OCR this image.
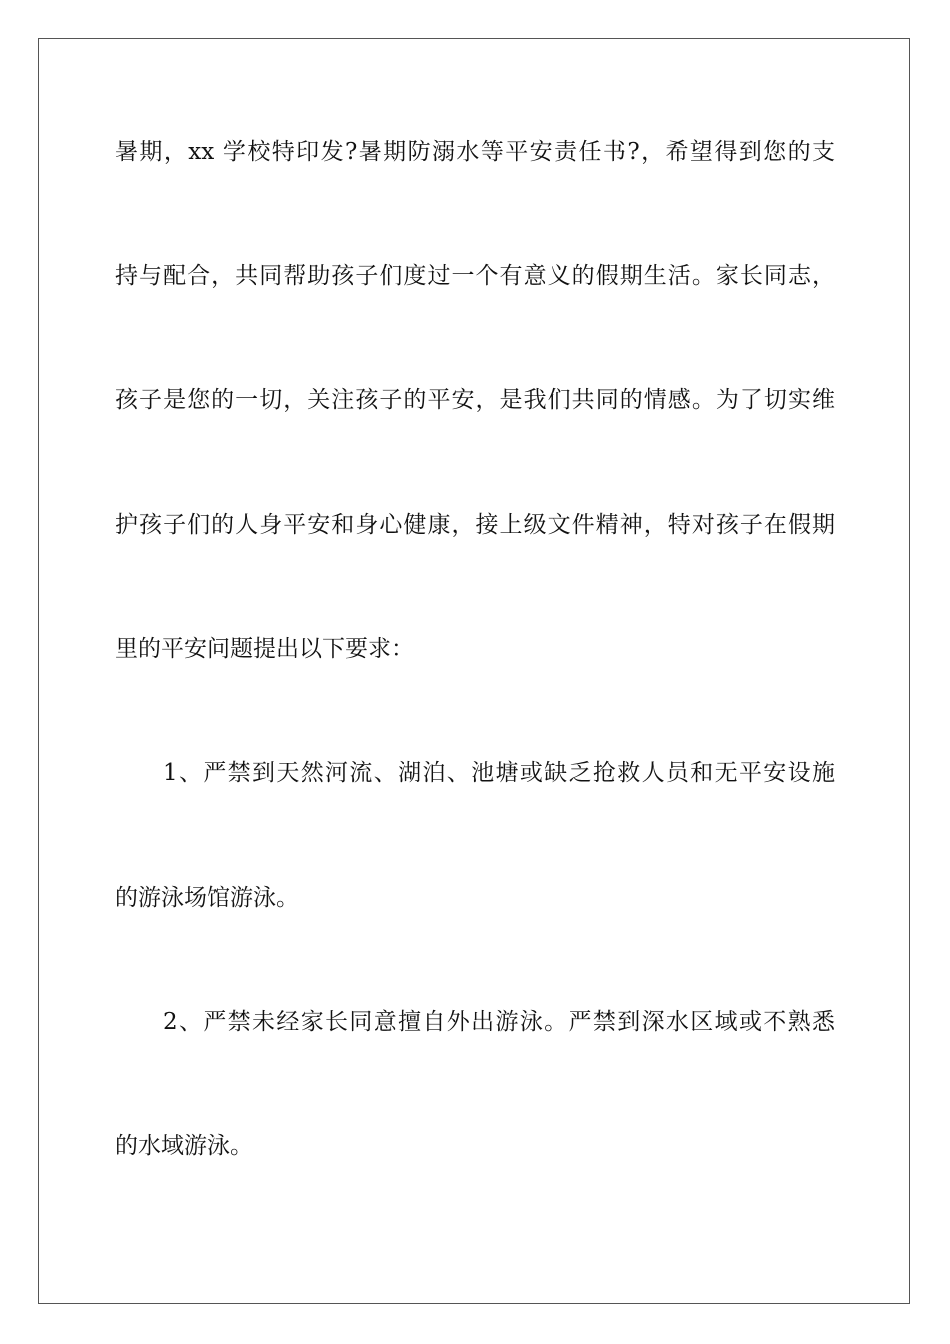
暑期，xx 学校特印发?暑期防溺水等平安责任书?，希望得到您的支

持与配合，共同帮助孩子们度过一个有意义的假期生活。家长同志，

孩子是您的一切，关注孩子的平安，是我们共同的情感。为了切实维

护孩子们的人身平安和身心健康，接上级文件精神，特对孩子在假期

里的平安问题提出以下要求：

1、严禁到天然河流、湖泊、池塘或缺乏抢救人员和无平安设施

的游泳场馆游泳。

2、严禁未经家长同意擅自外出游泳。严禁到深水区域或不熟悉

的水域游泳。
